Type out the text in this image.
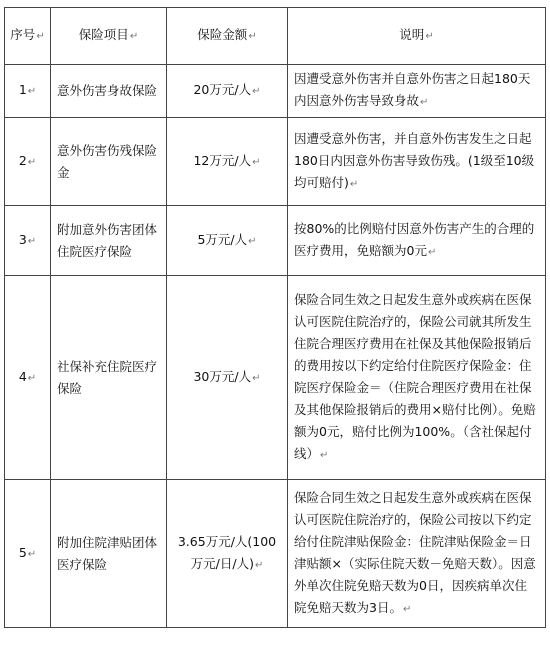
序号↵	保险项目↵	保险金额↵	说明↵
1↵	意外伤害身故保险	20万元/人↵	因遭受意外伤害并自意外伤害之日起180天内因意外伤害导致身故↵
2↵	意外伤害伤残保险金	12万元/人↵	因遭受意外伤害，并自意外伤害发生之日起180日内因意外伤害导致伤残。(1级至10级均可赔付)↵
3↵	附加意外伤害团体住院医疗保险	5万元/人↵	按80%的比例赔付因意外伤害产生的合理的医疗费用，免赔额为0元↵
4↵	社保补充住院医疗保险	30万元/人↵	保险合同生效之日起发生意外或疾病在医保认可医院住院治疗的，保险公司就其所发生住院合理医疗费用在社保及其他保险报销后的费用按以下约定给付住院医疗保险金：住院医疗保险金＝（住院合理医疗费用在社保及其他保险报销后的费用×赔付比例）。免赔额为0元，赔付比例为100%。（含社保起付线）↵
5↵	附加住院津贴团体医疗保险	3.65万元/人(100万元/日/人)↵	保险合同生效之日起发生意外或疾病在医保认可医院住院治疗的，保险公司按以下约定给付住院津贴保险金：住院津贴保险金＝日津贴额×（实际住院天数－免赔天数）。因意外单次住院免赔天数为0日，因疾病单次住院免赔天数为3日。↵
